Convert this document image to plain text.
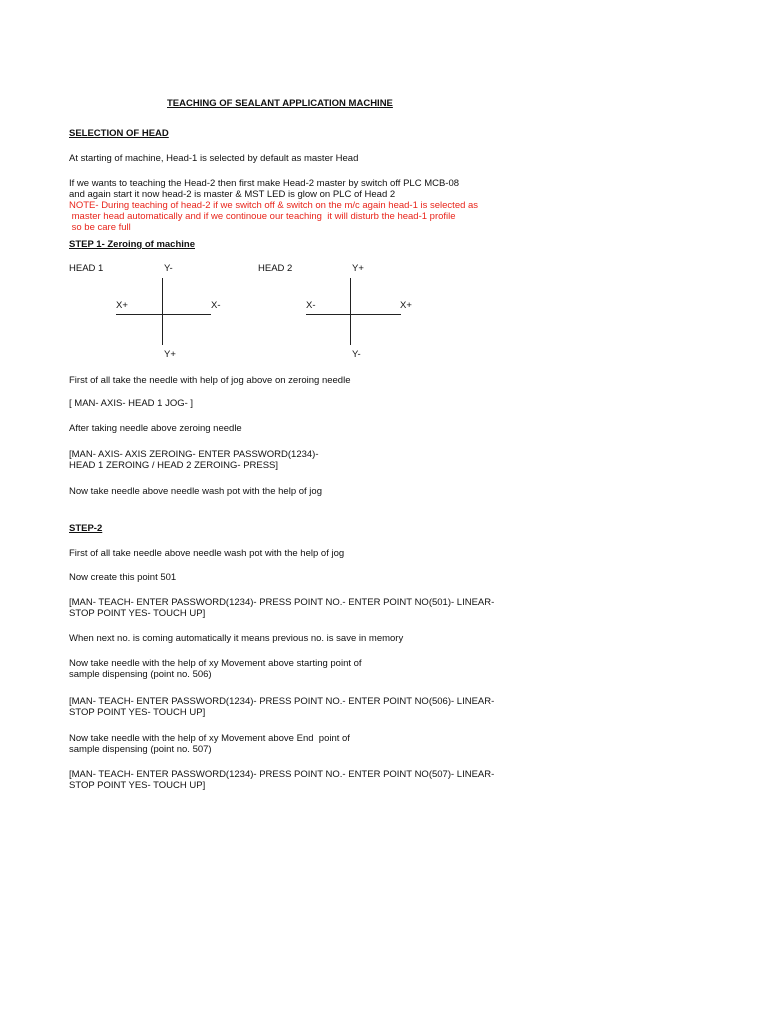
TEACHING OF SEALANT APPLICATION MACHINE
SELECTION OF HEAD
At starting of machine, Head-1 is selected by default as master Head
If we wants to teaching the Head-2 then first make Head-2 master by switch off PLC MCB-08
and again start it now head-2 is master & MST LED is glow on PLC of Head 2
NOTE- During teaching of head-2 if we switch off & switch on the m/c again head-1 is selected as
master head automatically and if we continoue our teaching  it will disturb the head-1 profile
so be care full
STEP 1- Zeroing of machine
HEAD 1	Y-
X+	X-
Y+
HEAD 2	Y+
X-	X+
Y-
First of all take the needle with help of jog above on zeroing needle
[ MAN- AXIS- HEAD 1 JOG- ]
After taking needle above zeroing needle
[MAN- AXIS- AXIS ZEROING- ENTER PASSWORD(1234)-
HEAD 1 ZEROING / HEAD 2 ZEROING- PRESS]
Now take needle above needle wash pot with the help of jog
STEP-2
First of all take needle above needle wash pot with the help of jog
Now create this point 501
[MAN- TEACH- ENTER PASSWORD(1234)- PRESS POINT NO.- ENTER POINT NO(501)- LINEAR-
STOP POINT YES- TOUCH UP]
When next no. is coming automatically it means previous no. is save in memory
Now take needle with the help of xy Movement above starting point of
sample dispensing (point no. 506)
[MAN- TEACH- ENTER PASSWORD(1234)- PRESS POINT NO.- ENTER POINT NO(506)- LINEAR-
STOP POINT YES- TOUCH UP]
Now take needle with the help of xy Movement above End  point of
sample dispensing (point no. 507)
[MAN- TEACH- ENTER PASSWORD(1234)- PRESS POINT NO.- ENTER POINT NO(507)- LINEAR-
STOP POINT YES- TOUCH UP]
